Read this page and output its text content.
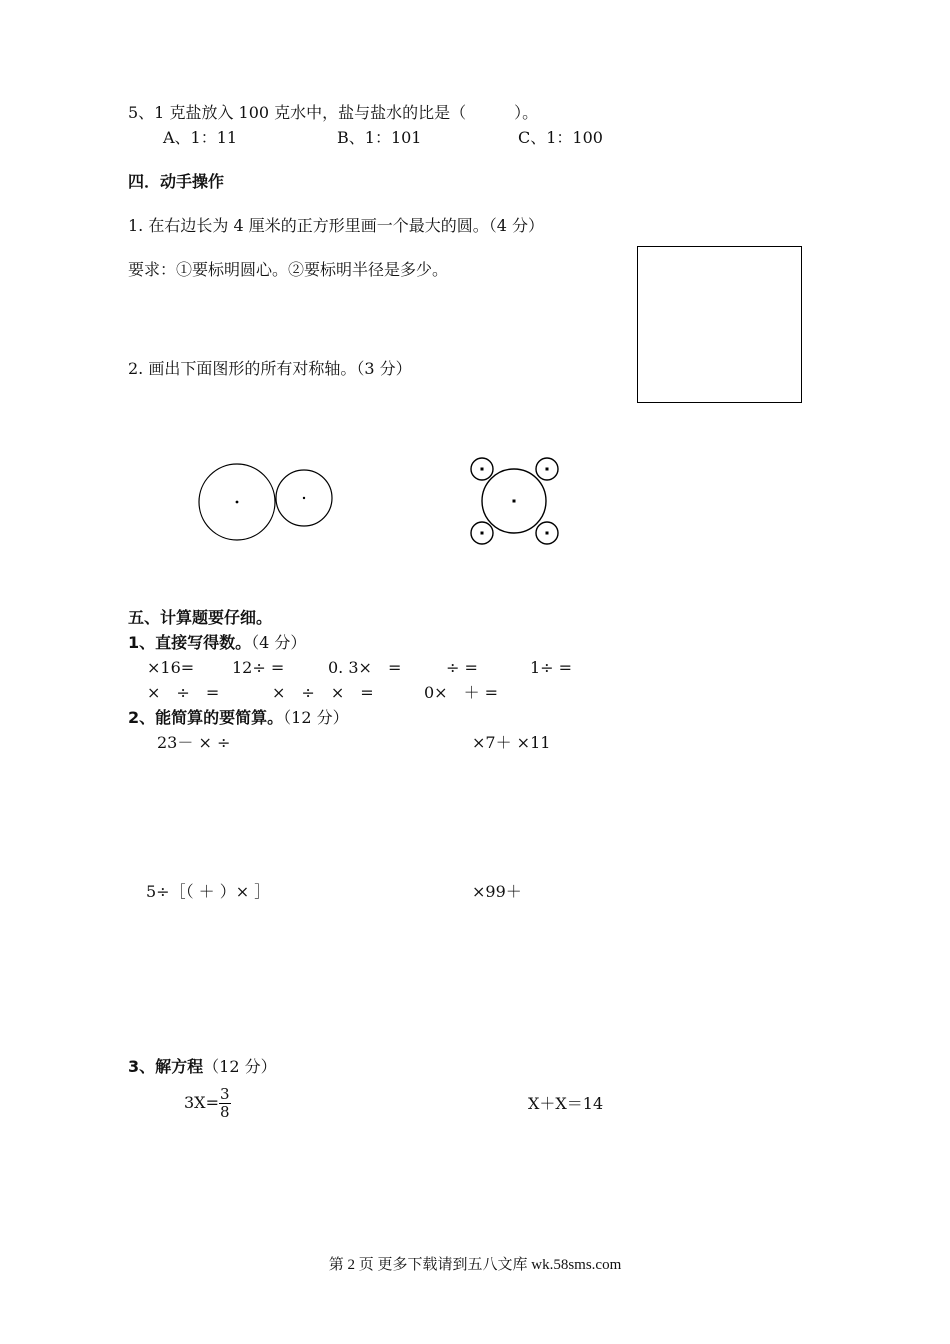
5、1 克盐放入 100 克水中，盐与盐水的比是（　　　）。
A、1：11	B、1：101	C、1：100
四．动手操作
1. 在右边长为 4 厘米的正方形里画一个最大的圆。（4 分）
要求：①要标明圆心。②要标明半径是多少。
2. 画出下面图形的所有对称轴。（3 分）
五、计算题要仔细。
1、直接写得数。（4 分）
×16= 12÷ =	0. 3×　=	÷ =	1÷ =
×　÷　=	×　÷　×　=	0×　＋ =
2、能简算的要简算。（12 分）
23－ × ÷	×7＋ ×11
5÷［（ ＋ ）× ］	×99＋
3、解方程（12 分）
$3X= \frac{3}{8}$	X＋X＝14
第 2 页 更多下载请到五八文库 wk.58sms.com
